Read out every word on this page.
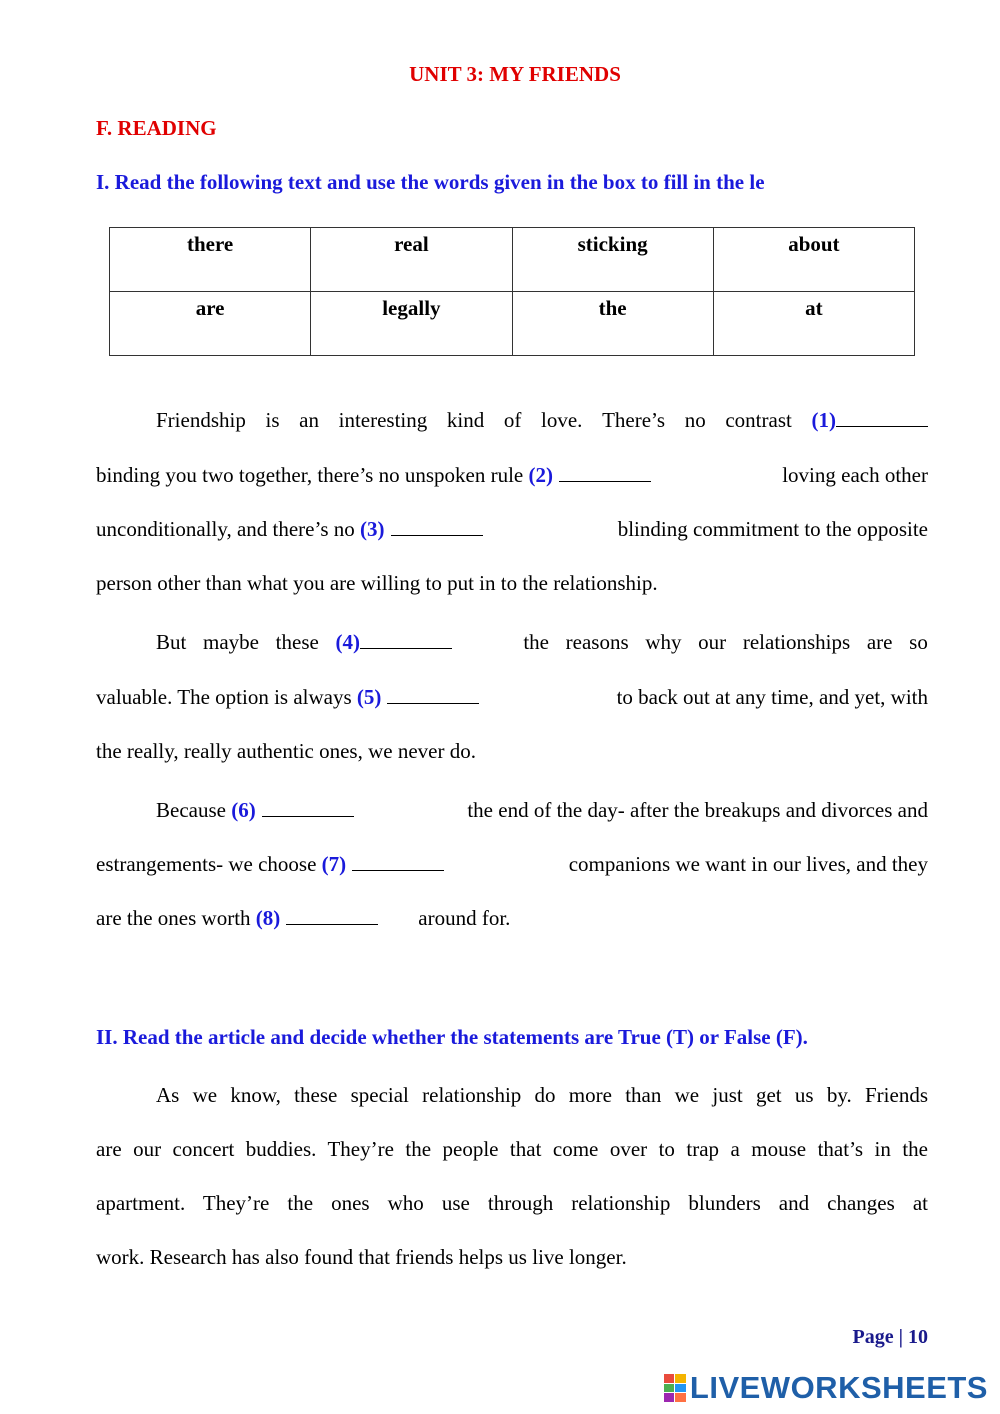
UNIT 3: MY FRIENDS
F. READING
I. Read the following text and use the words given in the box to fill in the le
there	real	sticking	about
are	legally	the	at
Friendship is an interesting kind of love. There’s no contrast (1)
binding you two together, there’s no unspoken rule (2)	loving each other
unconditionally, and there’s no (3)	blinding commitment to the opposite
person other than what you are willing to put in to the relationship.
But maybe these (4)	the reasons why our relationships are so
valuable. The option is always (5)	to back out at any time, and yet, with
the really, really authentic ones, we never do.
Because (6)	the end of the day- after the breakups and divorces and
estrangements- we choose (7)	companions we want in our lives, and they
are the ones worth
(8)	around for.
II. Read the article and decide whether the statements are True (T) or False (F).
As we know, these special relationship do more than we just get us by. Friends
are our concert buddies. They’re the people that come over to trap a mouse that’s in the
apartment. They’re the ones who use through relationship blunders and changes at
work. Research has also found that friends helps us live longer.
Page | 10
LIVEWORKSHEETS
